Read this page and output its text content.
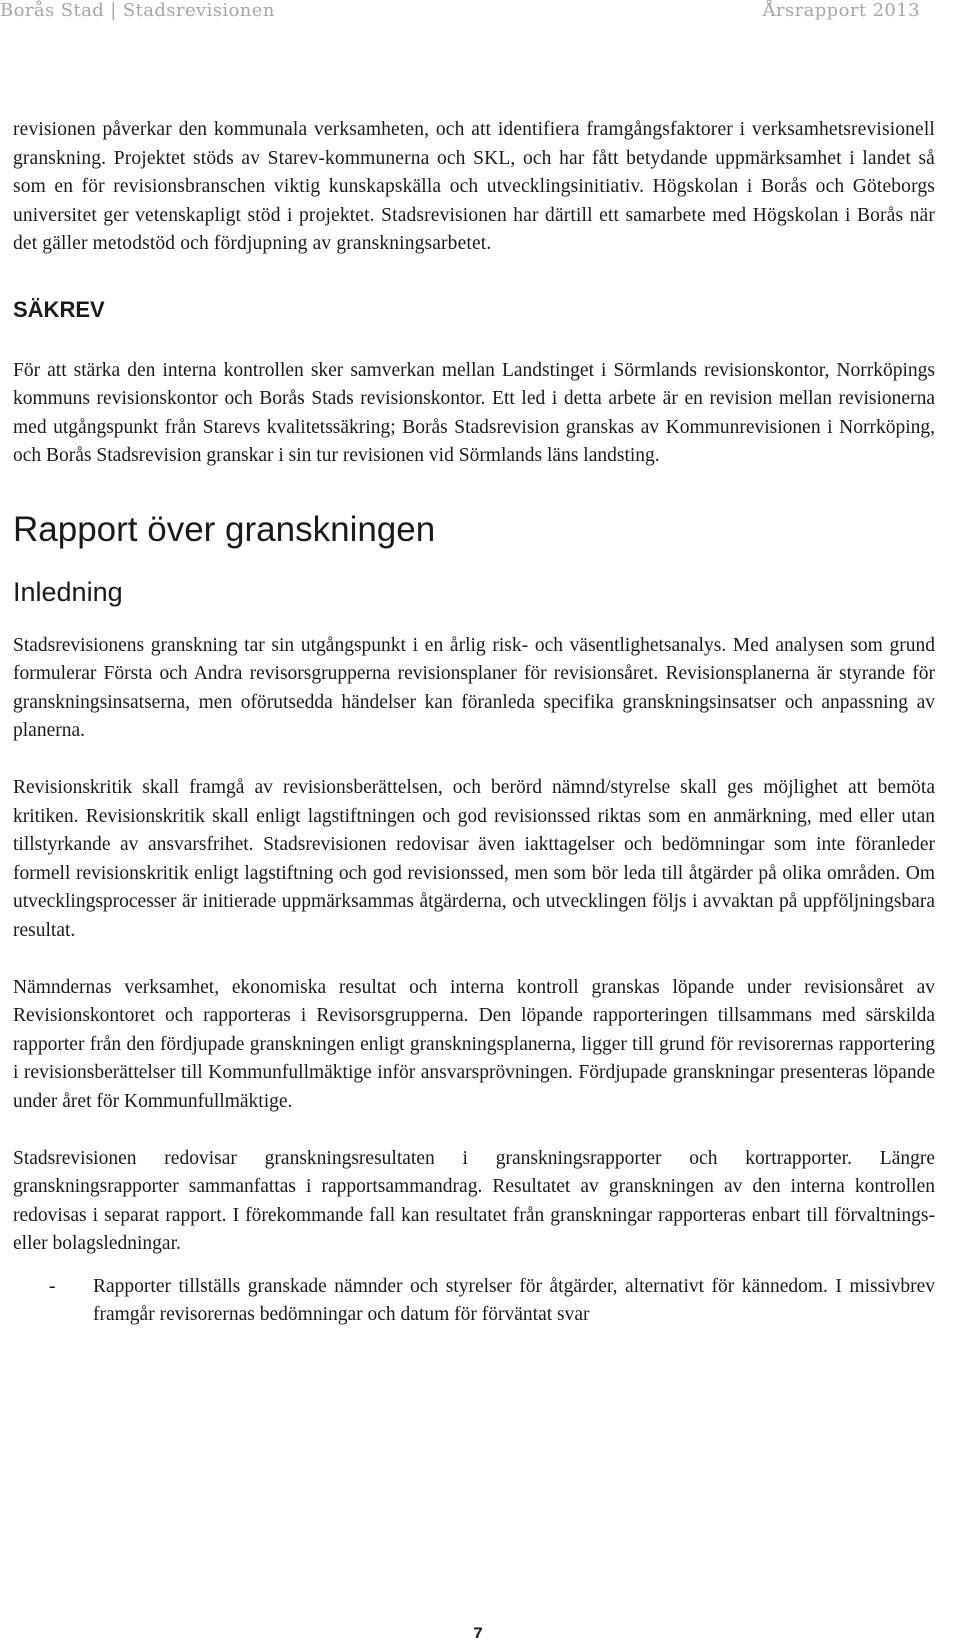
Borås Stad | Stadsrevisionen	Årsrapport 2013

revisionen påverkar den kommunala verksamheten, och att identifiera framgångsfaktorer i verksamhetsrevisionell granskning. Projektet stöds av Starev-kommunerna och SKL, och har fått betydande uppmärksamhet i landet så som en för revisionsbranschen viktig kunskapskälla och utvecklingsinitiativ. Högskolan i Borås och Göteborgs universitet ger vetenskapligt stöd i projektet. Stadsrevisionen har därtill ett samarbete med Högskolan i Borås när det gäller metodstöd och fördjupning av granskningsarbetet.

SÄKREV

För att stärka den interna kontrollen sker samverkan mellan Landstinget i Sörmlands revisionskontor, Norrköpings kommuns revisionskontor och Borås Stads revisionskontor. Ett led i detta arbete är en revision mellan revisionerna med utgångspunkt från Starevs kvalitetssäkring; Borås Stadsrevision granskas av Kommunrevisionen i Norrköping, och Borås Stadsrevision granskar i sin tur revisionen vid Sörmlands läns landsting.

Rapport över granskningen
Inledning

Stadsrevisionens granskning tar sin utgångspunkt i en årlig risk- och väsentlighetsanalys. Med analysen som grund formulerar Första och Andra revisorsgrupperna revisionsplaner för revisionsåret. Revisionsplanerna är styrande för granskningsinsatserna, men oförutsedda händelser kan föranleda specifika granskningsinsatser och anpassning av planerna.

Revisionskritik skall framgå av revisionsberättelsen, och berörd nämnd/styrelse skall ges möjlighet att bemöta kritiken. Revisionskritik skall enligt lagstiftningen och god revisionssed riktas som en anmärkning, med eller utan tillstyrkande av ansvarsfrihet. Stadsrevisionen redovisar även iakttagelser och bedömningar som inte föranleder formell revisionskritik enligt lagstiftning och god revisionssed, men som bör leda till åtgärder på olika områden. Om utvecklingsprocesser är initierade uppmärksammas åtgärderna, och utvecklingen följs i avvaktan på uppföljningsbara resultat.

Nämndernas verksamhet, ekonomiska resultat och interna kontroll granskas löpande under revisionsåret av Revisionskontoret och rapporteras i Revisorsgrupperna. Den löpande rapporteringen tillsammans med särskilda rapporter från den fördjupade granskningen enligt granskningsplanerna, ligger till grund för revisorernas rapportering i revisionsberättelser till Kommunfullmäktige inför ansvarsprövningen. Fördjupade granskningar presenteras löpande under året för Kommunfullmäktige.

Stadsrevisionen redovisar granskningsresultaten i granskningsrapporter och kortrapporter. Längre granskningsrapporter sammanfattas i rapportsammandrag. Resultatet av granskningen av den interna kontrollen redovisas i separat rapport. I förekommande fall kan resultatet från granskningar rapporteras enbart till förvaltnings- eller bolagsledningar.

-	Rapporter tillställs granskade nämnder och styrelser för åtgärder, alternativt för kännedom. I missivbrev framgår revisorernas bedömningar och datum för förväntat svar

7
